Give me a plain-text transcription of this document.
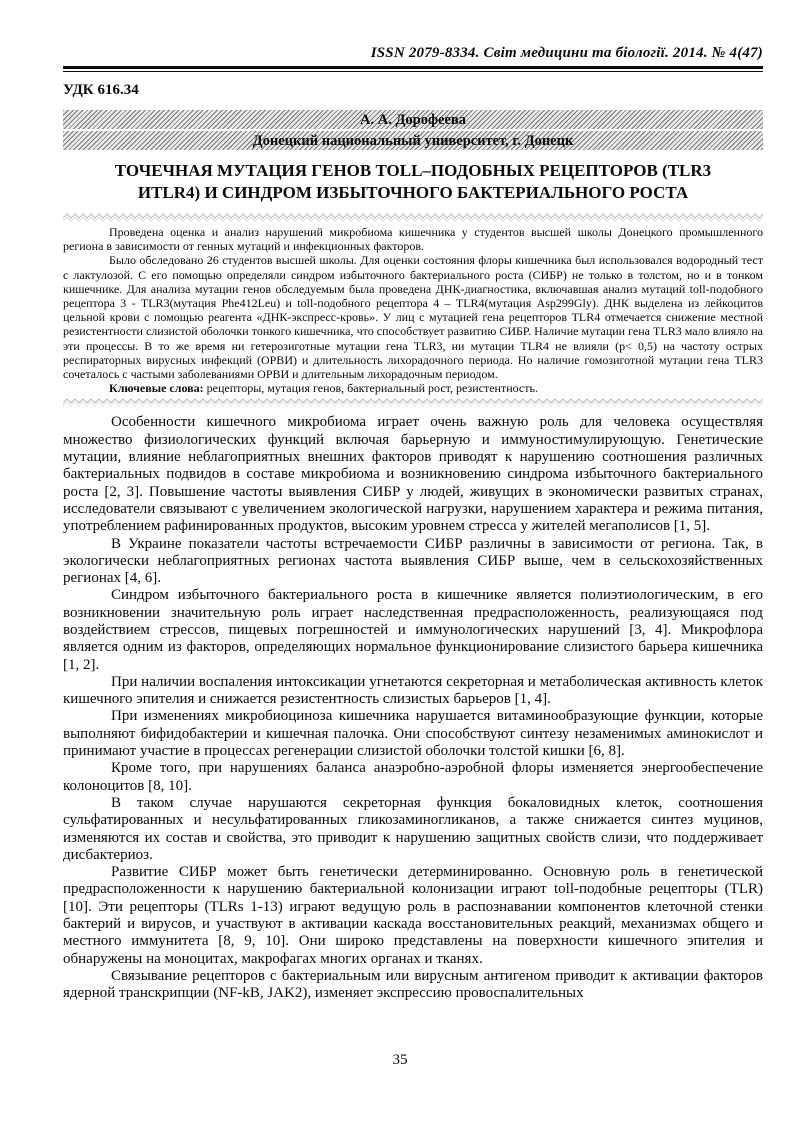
ISSN 2079-8334. Світ медицини та біології. 2014. № 4(47)
УДК 616.34
А. А. Дорофеева
Донецкий национальный университет, г. Донецк
ТОЧЕЧНАЯ МУТАЦИЯ ГЕНОВ TOLL–ПОДОБНЫХ РЕЦЕПТОРОВ (TLR3 ИTLR4) И СИНДРОМ ИЗБЫТОЧНОГО БАКТЕРИАЛЬНОГО РОСТА

Проведена оценка и анализ нарушений микробиома кишечника у студентов высшей школы Донецкого промышленного региона в зависимости от генных мутаций и инфекционных факторов.

Было обследовано 26 студентов высшей школы. Для оценки состояния флоры кишечника был использовался водородный тест с лактулозой. С его помощью определяли синдром избыточного бактериального роста (СИБР) не только в толстом, но и в тонком кишечнике. Для анализа мутации генов обследуемым была проведена ДНК-диагностика, включавшая анализ мутаций toll-подобного рецептора 3 - TLR3(мутация Phe412Leu) и toll-подобного рецептора 4 – TLR4(мутация Asp299Gly). ДНК выделена из лейкоцитов цельной крови с помощью реагента «ДНК-экспресс-кровь». У лиц с мутацией гена рецепторов TLR4 отмечается снижение местной резистентности слизистой оболочки тонкого кишечника, что способствует развитию СИБР. Наличие мутации гена TLR3 мало влияло на эти процессы. В то же время ни гетерозиготные мутации гена TLR3, ни мутации TLR4 не влияли (р< 0,5) на частоту острых респираторных вирусных инфекций (ОРВИ) и длительность лихорадочного периода. Но наличие гомозиготной мутации гена TLR3 сочеталось с частыми заболеваниями ОРВИ и длительным лихорадочным периодом.

Ключевые слова: рецепторы, мутация генов, бактериальный рост, резистентность.

Особенности кишечного микробиома играет очень важную роль для человека осуществляя множество физиологических функций включая барьерную и иммуностимулирующую. Генетические мутации, влияние неблагоприятных внешних факторов приводят к нарушению соотношения различных бактериальных подвидов в составе микробиома и возникновению синдрома избыточного бактериального роста [2, 3]. Повышение частоты выявления СИБР у людей, живущих в экономически развитых странах, исследователи связывают с увеличением экологической нагрузки, нарушением характера и режима питания, употреблением рафинированных продуктов, высоким уровнем стресса у жителей мегаполисов [1, 5].

В Украине показатели частоты встречаемости СИБР различны в зависимости от региона. Так, в экологически неблагоприятных регионах частота выявления СИБР выше, чем в сельскохозяйственных регионах [4, 6].

Синдром избыточного бактериального роста в кишечнике является полиэтиологическим, в его возникновении значительную роль играет наследственная предрасположенность, реализующаяся под воздействием стрессов, пищевых погрешностей и иммунологических нарушений [3, 4]. Микрофлора является одним из факторов, определяющих нормальное функционирование слизистого барьера кишечника [1, 2].

При наличии воспаления интоксикации угнетаются секреторная и метаболическая активность клеток кишечного эпителия и снижается резистентность слизистых барьеров [1, 4].

При изменениях микробиоциноза кишечника нарушается витаминообразующие функции, которые выполняют бифидобактерии и кишечная палочка. Они способствуют синтезу незаменимых аминокислот и принимают участие в процессах регенерации слизистой оболочки толстой кишки [6, 8].

Кроме того, при нарушениях баланса анаэробно-аэробной флоры изменяется энергообеспечение колоноцитов [8, 10].

В таком случае нарушаются секреторная функция бокаловидных клеток, соотношения сульфатированных и несульфатированных гликозаминогликанов, а также снижается синтез муцинов, изменяются их состав и свойства, это приводит к нарушению защитных свойств слизи, что поддерживает дисбактериоз.

Развитие СИБР может быть генетически детерминированно. Основную роль в генетической предрасположенности к нарушению бактериальной колонизации играют toll-подобные рецепторы (TLR) [10]. Эти рецепторы (TLRs 1-13) играют ведущую роль в распознавании компонентов клеточной стенки бактерий и вирусов, и участвуют в активации каскада восстановительных реакций, механизмах общего и местного иммунитета [8, 9, 10]. Они широко представлены на поверхности кишечного эпителия и обнаружены на моноцитах, макрофагах многих органах и тканях.

Связывание рецепторов с бактериальным или вирусным антигеном приводит к активации факторов ядерной транскрипции (NF-kB, JAK2), изменяет экспрессию провоспалительных

35
